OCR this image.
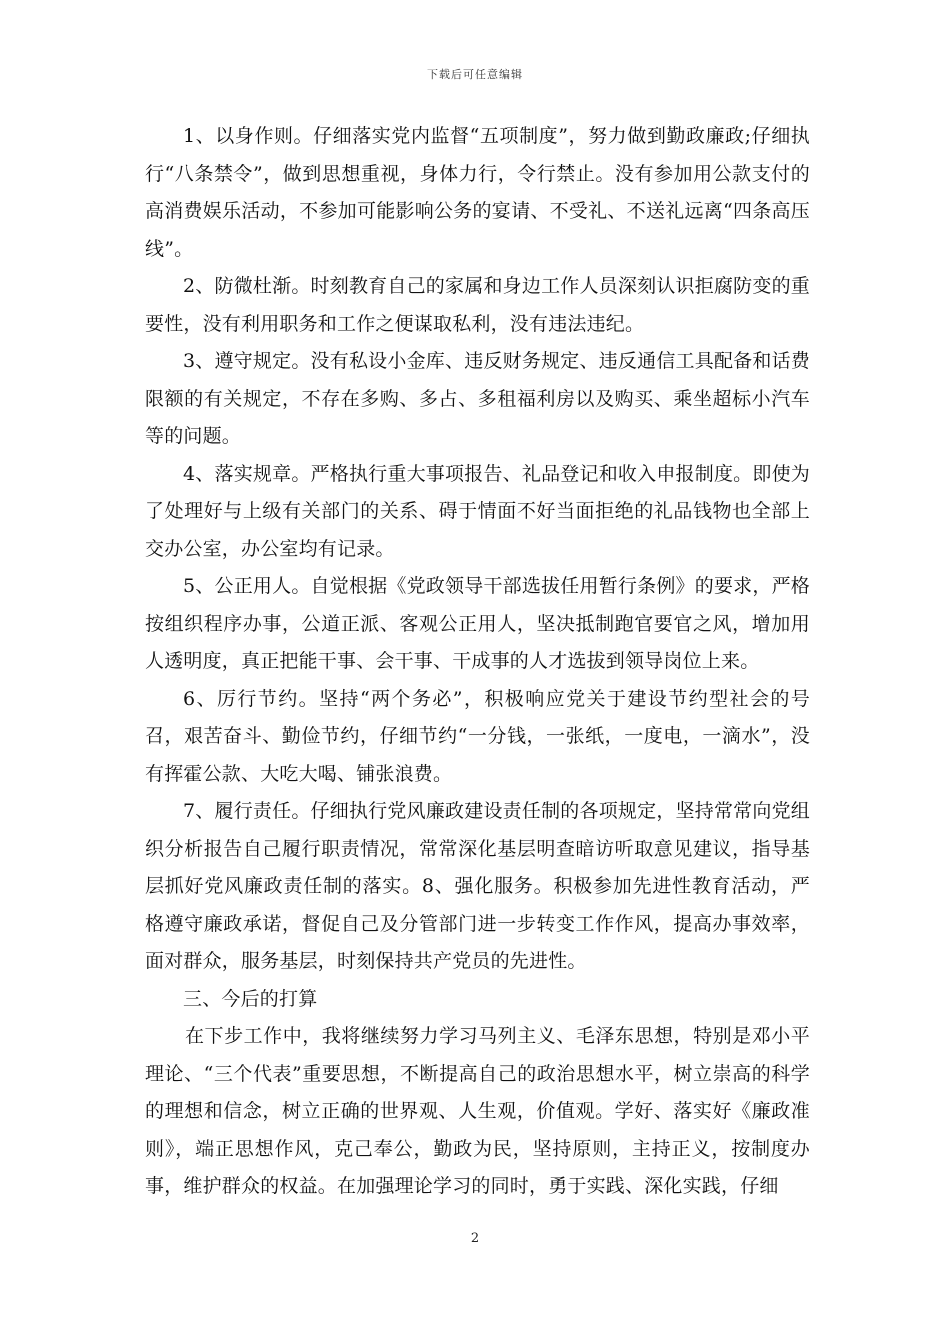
下载后可任意编辑

1、以身作则。仔细落实党内监督“五项制度”，努力做到勤政廉政;仔细执行“八条禁令”，做到思想重视，身体力行，令行禁止。没有参加用公款支付的高消费娱乐活动，不参加可能影响公务的宴请、不受礼、不送礼远离“四条高压线”。

2、防微杜渐。时刻教育自己的家属和身边工作人员深刻认识拒腐防变的重要性，没有利用职务和工作之便谋取私利，没有违法违纪。

3、遵守规定。没有私设小金库、违反财务规定、违反通信工具配备和话费限额的有关规定，不存在多购、多占、多租福利房以及购买、乘坐超标小汽车等的问题。

4、落实规章。严格执行重大事项报告、礼品登记和收入申报制度。即使为了处理好与上级有关部门的关系、碍于情面不好当面拒绝的礼品钱物也全部上交办公室，办公室均有记录。

5、公正用人。自觉根据《党政领导干部选拔任用暂行条例》的要求，严格按组织程序办事，公道正派、客观公正用人，坚决抵制跑官要官之风，增加用人透明度，真正把能干事、会干事、干成事的人才选拔到领导岗位上来。

6、厉行节约。坚持“两个务必”，积极响应党关于建设节约型社会的号召，艰苦奋斗、勤俭节约，仔细节约“一分钱，一张纸，一度电，一滴水”，没有挥霍公款、大吃大喝、铺张浪费。

7、履行责任。仔细执行党风廉政建设责任制的各项规定，坚持常常向党组织分析报告自己履行职责情况，常常深化基层明查暗访听取意见建议，指导基层抓好党风廉政责任制的落实。8、强化服务。积极参加先进性教育活动，严格遵守廉政承诺，督促自己及分管部门进一步转变工作作风，提高办事效率，面对群众，服务基层，时刻保持共产党员的先进性。

三、今后的打算

在下步工作中，我将继续努力学习马列主义、毛泽东思想，特别是邓小平理论、“三个代表”重要思想，不断提高自己的政治思想水平，树立崇高的科学的理想和信念，树立正确的世界观、人生观，价值观。学好、落实好《廉政准则》，端正思想作风，克己奉公，勤政为民，坚持原则，主持正义，按制度办事，维护群众的权益。在加强理论学习的同时，勇于实践、深化实践，仔细

2
